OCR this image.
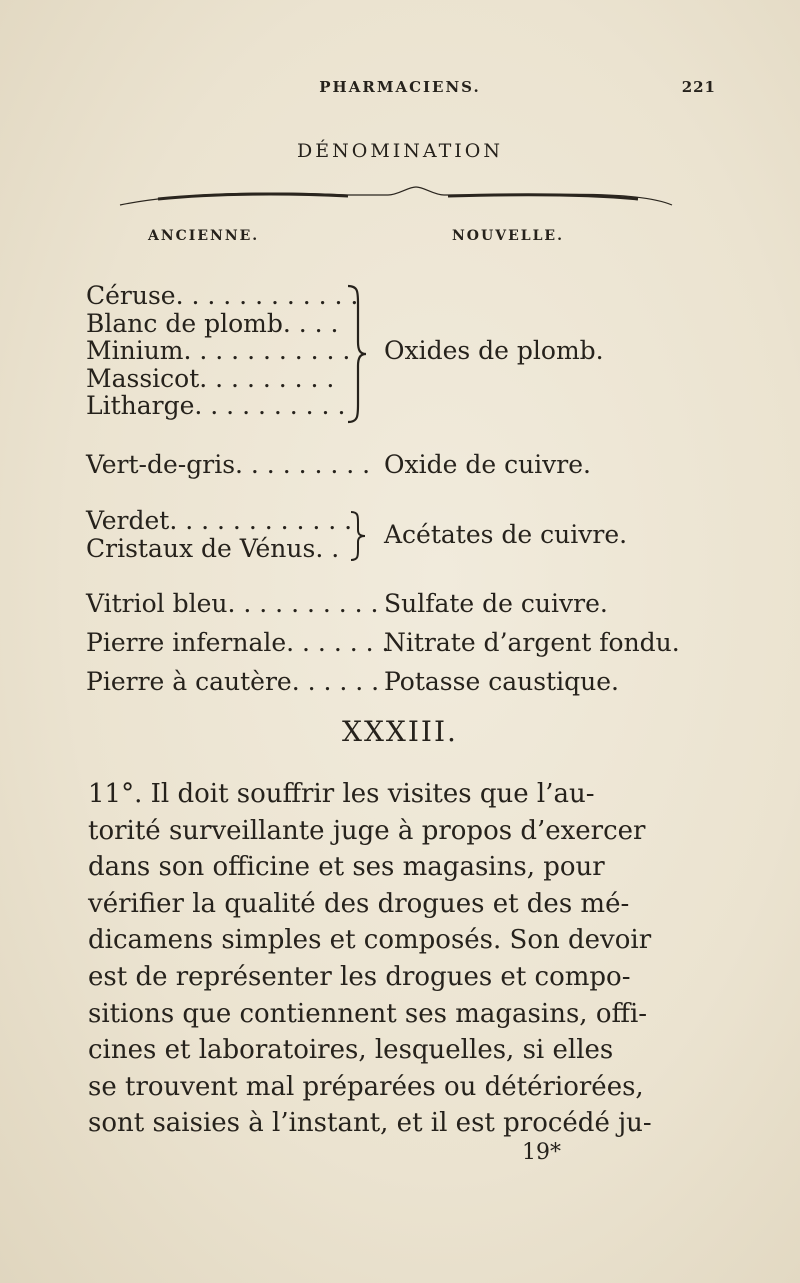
PHARMACIENS.	221
DÉNOMINATION
ANCIENNE.	NOUVELLE.
Céruse. . . . . . . . . . . .
Blanc de plomb. . . .
Minium. . . . . . . . . . .
Massicot. . . . . . . . .
Litharge. . . . . . . . . .
Oxides de plomb.
Vert-de-gris. . . . . . . . . Oxide de cuivre.
Verdet. . . . . . . . . . . .
Cristaux de Vénus. . Acétates de cuivre.
Vitriol bleu. . . . . . . . . . Sulfate de cuivre.
Pierre infernale. . . . . . .
Nitrate d’argent fondu.
Pierre à cautère. . . . . . Potasse caustique.
XXXIII.
11°. Il doit souffrir les visites que l’au-
torité surveillante juge à propos d’exercer
dans son officine et ses magasins, pour
vérifier la qualité des drogues et des mé-
dicamens simples et composés. Son devoir
est de représenter les drogues et compo-
sitions que contiennent ses magasins, offi-
cines et laboratoires, lesquelles, si elles
se trouvent mal préparées ou détériorées,
sont saisies à l’instant, et il est procédé ju-
19*
